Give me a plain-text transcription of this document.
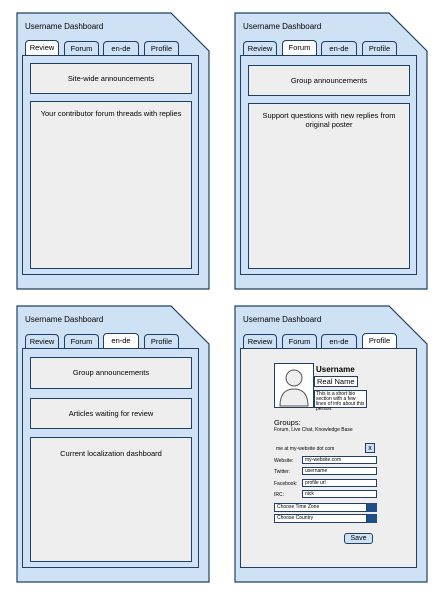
Username Dashboard
Review	Forum	en-de	Profile
Site-wide announcements
Your contributor forum threads with replies
Username Dashboard
Review	Forum	en-de	Profile
Group announcements
Support questions with new replies from original poster
Username Dashboard
Review	Forum	en-de	Profile
Group announcements
Articles waiting for review
Current localization dashboard
Username Dashboard
Review	Forum	en-de	Profile
Username
Real Name
This is a short bio section with a few lines of info about this person.
Groups:
Forum, Live Chat, Knowledge Base
me at my-website dot com	x
Website:	my-website.com
Twitter:	username
Facebook:	profile url
IRC:	nick
Choose Time Zone
Choose Country
Save
